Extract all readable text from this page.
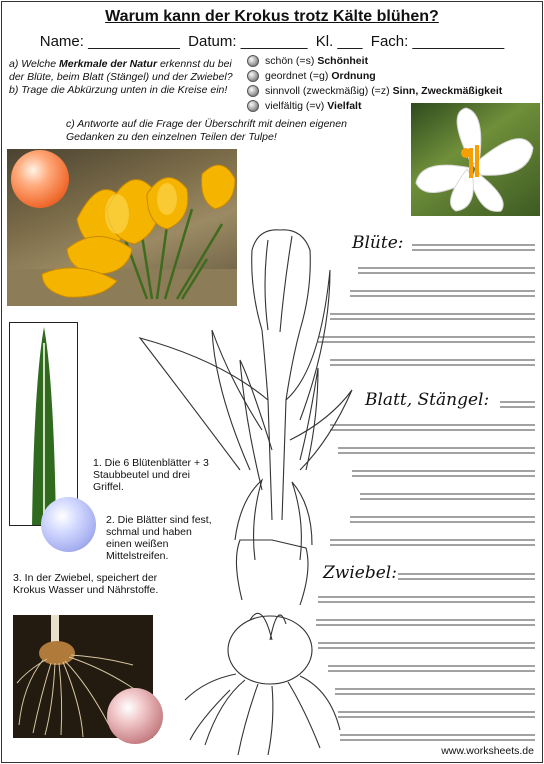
Warum kann der Krokus trotz Kälte blühen?
Name: ___________  Datum: ________  Kl. ___  Fach: ___________
a) Welche Merkmale der Natur erkennst du bei der Blüte, beim Blatt (Stängel) und der Zwiebel? b) Trage die Abkürzung unten in die Kreise ein!
schön (=s) Schönheit
geordnet (=g) Ordnung
sinnvoll (zweckmäßig) (=z) Sinn, Zweckmäßigkeit
vielfältig (=v) Vielfalt
c) Antworte auf die Frage der Überschrift mit deinen eigenen Gedanken zu den einzelnen Teilen der Tulpe!
1. Die 6 Blütenblätter + 3 Staubbeutel und drei Griffel.
2. Die Blätter sind fest, schmal und haben einen weißen Mittelstreifen.
3. In der Zwiebel, speichert der Krokus Wasser und Nährstoffe.
Blüte:
Blatt, Stängel:
Zwiebel:
www.worksheets.de
